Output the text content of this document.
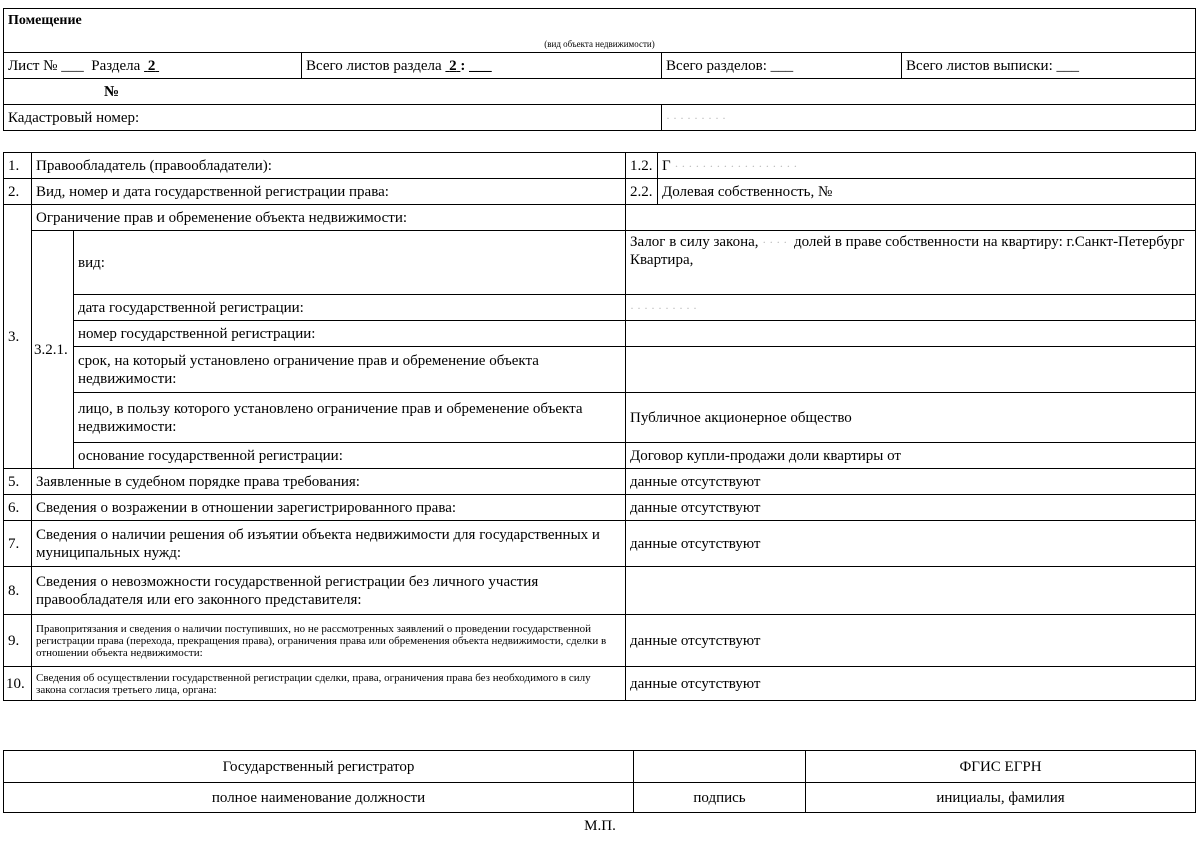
Помещение			
(вид объекта недвижимости)			
Лист № ___ Раздела 2	Всего листов раздела 2 : ___	Всего разделов: ___	Всего листов выписки: ___
№			
Кадастровый номер:		·········	
1.	Правообладатель (правообладатели):		1.2.	Г ··················
2.	Вид, номер и дата государственной регистрации права:		2.2.	Долевая собственность, №
3.	Ограничение прав и обременение объекта недвижимости:			
	3.2.1.	вид:	Залог в силу закона, ···· долей в праве собственности на квартиру: г.Санкт-Петербург
Квартира,	
		дата государственной регистрации:	··········	
		номер государственной регистрации:		
		срок, на который установлено ограничение прав и обременение объекта недвижимости:		
		лицо, в пользу которого установлено ограничение прав и обременение объекта недвижимости:	Публичное акционерное общество	
		основание государственной регистрации:	Договор купли-продажи доли квартиры от	
5.	Заявленные в судебном порядке права требования:		данные отсутствуют	
6.	Сведения о возражении в отношении зарегистрированного права:		данные отсутствуют	
7.	Сведения о наличии решения об изъятии объекта недвижимости для государственных и муниципальных нужд:		данные отсутствуют	
8.	Сведения о невозможности государственной регистрации без личного участия правообладателя или его законного представителя:			
9.	Правопритязания и сведения о наличии поступивших, но не рассмотренных заявлений о проведении государственной регистрации права (перехода, прекращения права), ограничения права или обременения объекта недвижимости, сделки в отношении объекта недвижимости:		данные отсутствуют	
10.	Сведения об осуществлении государственной регистрации сделки, права, ограничения права без необходимого в силу закона согласия третьего лица, органа:		данные отсутствуют	
Государственный регистратор		ФГИС ЕГРН
полное наименование должности	подпись	инициалы, фамилия
М.П.
